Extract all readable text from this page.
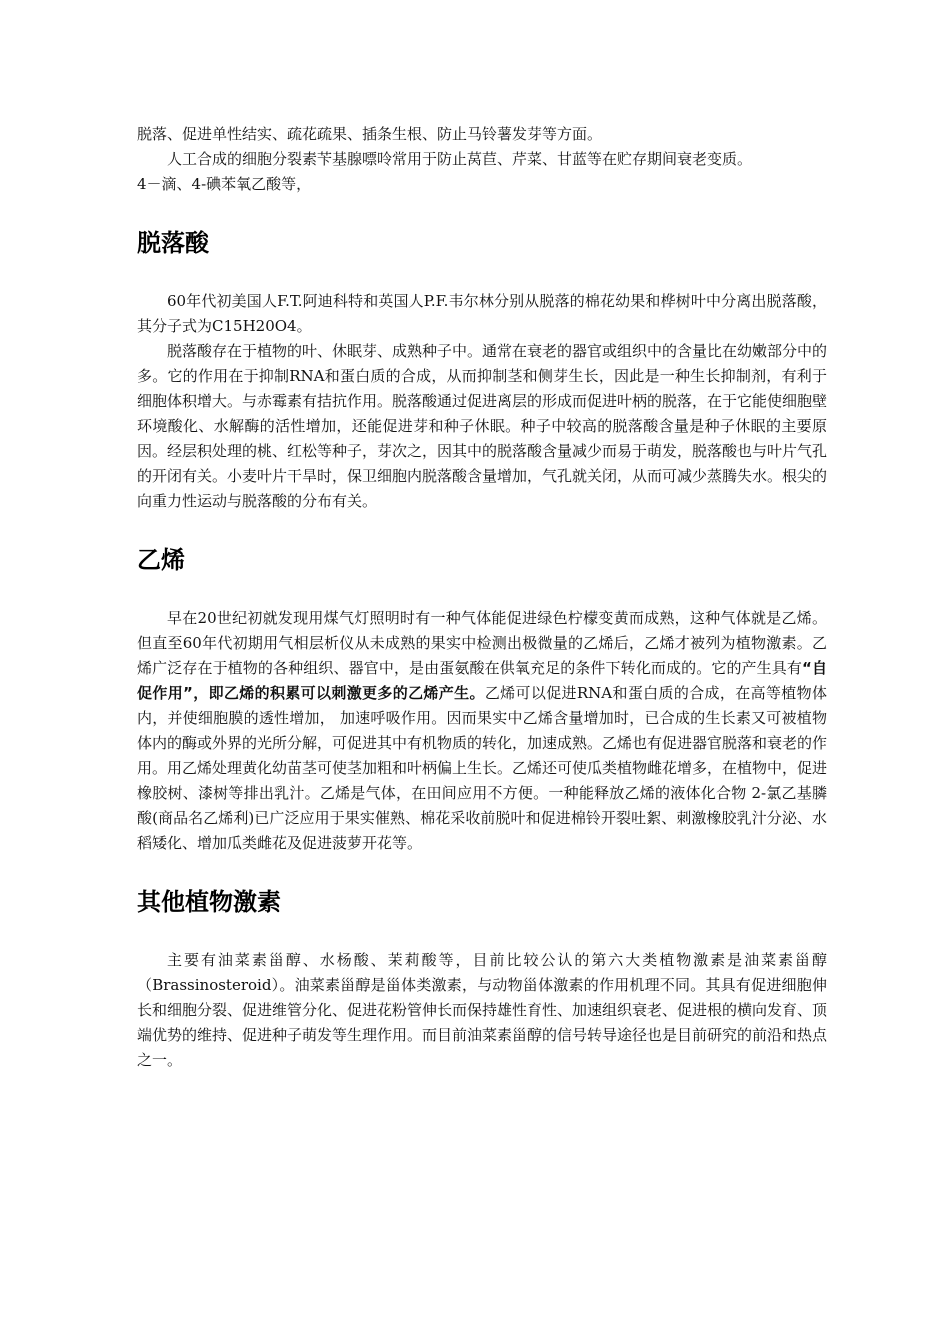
脱落、促进单性结实、疏花疏果、插条生根、防止马铃薯发芽等方面。

人工合成的细胞分裂素苄基腺嘌呤常用于防止莴苣、芹菜、甘蓝等在贮存期间衰老变质。

4－滴、4-碘苯氧乙酸等，

脱落酸

60年代初美国人F.T.阿迪科特和英国人P.F.韦尔林分别从脱落的棉花幼果和桦树叶中分离出脱落酸，其分子式为C15H20O4。

脱落酸存在于植物的叶、休眠芽、成熟种子中。通常在衰老的器官或组织中的含量比在幼嫩部分中的多。它的作用在于抑制RNA和蛋白质的合成，从而抑制茎和侧芽生长，因此是一种生长抑制剂，有利于细胞体积增大。与赤霉素有拮抗作用。脱落酸通过促进离层的形成而促进叶柄的脱落，在于它能使细胞壁环境酸化、水解酶的活性增加，还能促进芽和种子休眠。种子中较高的脱落酸含量是种子休眠的主要原因。经层积处理的桃、红松等种子，芽次之，因其中的脱落酸含量减少而易于萌发，脱落酸也与叶片气孔的开闭有关。小麦叶片干旱时，保卫细胞内脱落酸含量增加，气孔就关闭，从而可减少蒸腾失水。根尖的向重力性运动与脱落酸的分布有关。

乙烯

早在20世纪初就发现用煤气灯照明时有一种气体能促进绿色柠檬变黄而成熟，这种气体就是乙烯。但直至60年代初期用气相层析仪从未成熟的果实中检测出极微量的乙烯后，乙烯才被列为植物激素。乙烯广泛存在于植物的各种组织、器官中，是由蛋氨酸在供氧充足的条件下转化而成的。它的产生具有“自促作用”，即乙烯的积累可以刺激更多的乙烯产生。乙烯可以促进RNA和蛋白质的合成，在高等植物体内，并使细胞膜的透性增加， 加速呼吸作用。因而果实中乙烯含量增加时，已合成的生长素又可被植物体内的酶或外界的光所分解，可促进其中有机物质的转化，加速成熟。乙烯也有促进器官脱落和衰老的作用。用乙烯处理黄化幼苗茎可使茎加粗和叶柄偏上生长。乙烯还可使瓜类植物雌花增多，在植物中，促进橡胶树、漆树等排出乳汁。乙烯是气体，在田间应用不方便。一种能释放乙烯的液体化合物 2-氯乙基膦酸(商品名乙烯利)已广泛应用于果实催熟、棉花采收前脱叶和促进棉铃开裂吐絮、刺激橡胶乳汁分泌、水稻矮化、增加瓜类雌花及促进菠萝开花等。

其他植物激素

主要有油菜素甾醇、水杨酸、茉莉酸等，目前比较公认的第六大类植物激素是油菜素甾醇（Brassinosteroid）。油菜素甾醇是甾体类激素，与动物甾体激素的作用机理不同。其具有促进细胞伸长和细胞分裂、促进维管分化、促进花粉管伸长而保持雄性育性、加速组织衰老、促进根的横向发育、顶端优势的维持、促进种子萌发等生理作用。而目前油菜素甾醇的信号转导途径也是目前研究的前沿和热点之一。
